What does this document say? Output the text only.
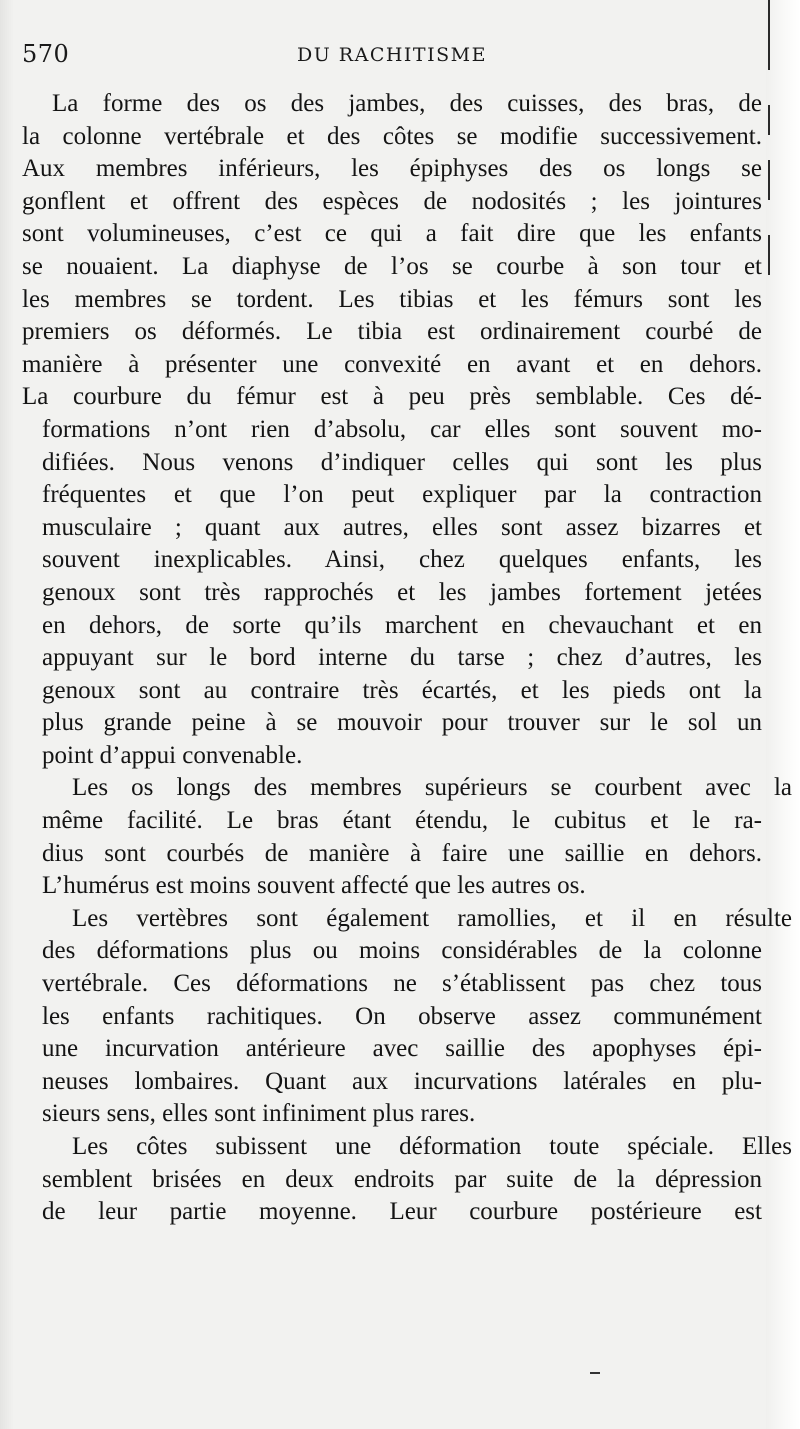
570	DU RACHITISME
La forme des os des jambes, des cuisses, des bras, de
la colonne vertébrale et des côtes se modifie successivement.
Aux membres inférieurs, les épiphyses des os longs se
gonflent et offrent des espèces de nodosités ; les jointures
sont volumineuses, c’est ce qui a fait dire que les enfants
se nouaient. La diaphyse de l’os se courbe à son tour et
les membres se tordent. Les tibias et les fémurs sont les
premiers os déformés. Le tibia est ordinairement courbé de
manière à présenter une convexité en avant et en dehors.
La courbure du fémur est à peu près semblable. Ces dé-
formations n’ont rien d’absolu, car elles sont souvent mo-
difiées. Nous venons d’indiquer celles qui sont les plus
fréquentes et que l’on peut expliquer par la contraction
musculaire ; quant aux autres, elles sont assez bizarres et
souvent inexplicables. Ainsi, chez quelques enfants, les
genoux sont très rapprochés et les jambes fortement jetées
en dehors, de sorte qu’ils marchent en chevauchant et en
appuyant sur le bord interne du tarse ; chez d’autres, les
genoux sont au contraire très écartés, et les pieds ont la
plus grande peine à se mouvoir pour trouver sur le sol un
point d’appui convenable.
Les os longs des membres supérieurs se courbent avec la
même facilité. Le bras étant étendu, le cubitus et le ra-
dius sont courbés de manière à faire une saillie en dehors.
L’humérus est moins souvent affecté que les autres os.
Les vertèbres sont également ramollies, et il en résulte
des déformations plus ou moins considérables de la colonne
vertébrale. Ces déformations ne s’établissent pas chez tous
les enfants rachitiques. On observe assez communément
une incurvation antérieure avec saillie des apophyses épi-
neuses lombaires. Quant aux incurvations latérales en plu-
sieurs sens, elles sont infiniment plus rares.
Les côtes subissent une déformation toute spéciale. Elles
semblent brisées en deux endroits par suite de la dépression
de leur partie moyenne. Leur courbure postérieure est
